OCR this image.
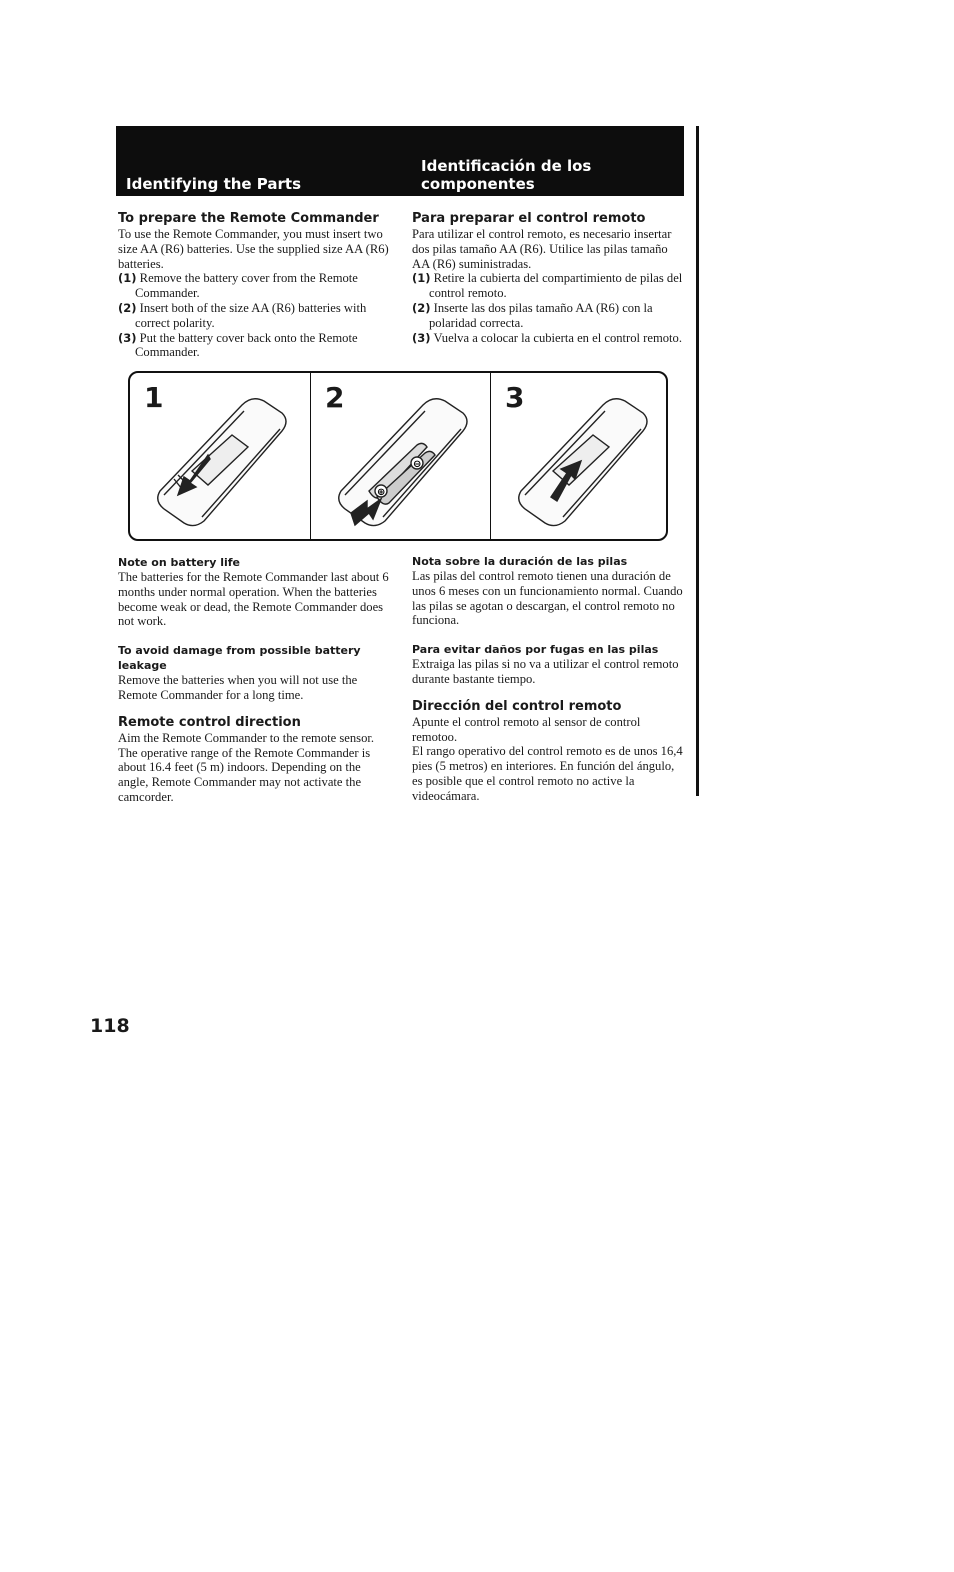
Identifying the Parts
Identificación de los componentes
To prepare the Remote Commander

To use the Remote Commander, you must insert two size AA (R6) batteries. Use the supplied size AA (R6) batteries.

(1) Remove the battery cover from the Remote Commander.

(2) Insert both of the size AA (R6) batteries with correct polarity.

(3) Put the battery cover back onto the Remote Commander.

Para preparar el control remoto

Para utilizar el control remoto, es necesario insertar dos pilas tamaño AA (R6). Utilice las pilas tamaño AA (R6) suministradas.

(1) Retire la cubierta del compartimiento de pilas del control remoto.

(2) Inserte las dos pilas tamaño AA (R6) con la polaridad correcta.

(3) Vuelva a colocar la cubierta en el control remoto.

1	2
⊖
⊕
3
Note on battery life

The batteries for the Remote Commander last about 6 months under normal operation. When the batteries become weak or dead, the Remote Commander does not work.

To avoid damage from possible battery leakage

Remove the batteries when you will not use the Remote Commander for a long time.

Remote control direction

Aim the Remote Commander to the remote sensor.

The operative range of the Remote Commander is about 16.4 feet (5 m) indoors. Depending on the angle, Remote Commander may not activate the camcorder.

Nota sobre la duración de las pilas

Las pilas del control remoto tienen una duración de unos 6 meses con un funcionamiento normal. Cuando las pilas se agotan o descargan, el control remoto no funciona.

Para evitar daños por fugas en las pilas

Extraiga las pilas si no va a utilizar el control remoto durante bastante tiempo.

Dirección del control remoto

Apunte el control remoto al sensor de control remotoo.

El rango operativo del control remoto es de unos 16,4 pies (5 metros) en interiores. En función del ángulo, es posible que el control remoto no active la videocámara.

118
